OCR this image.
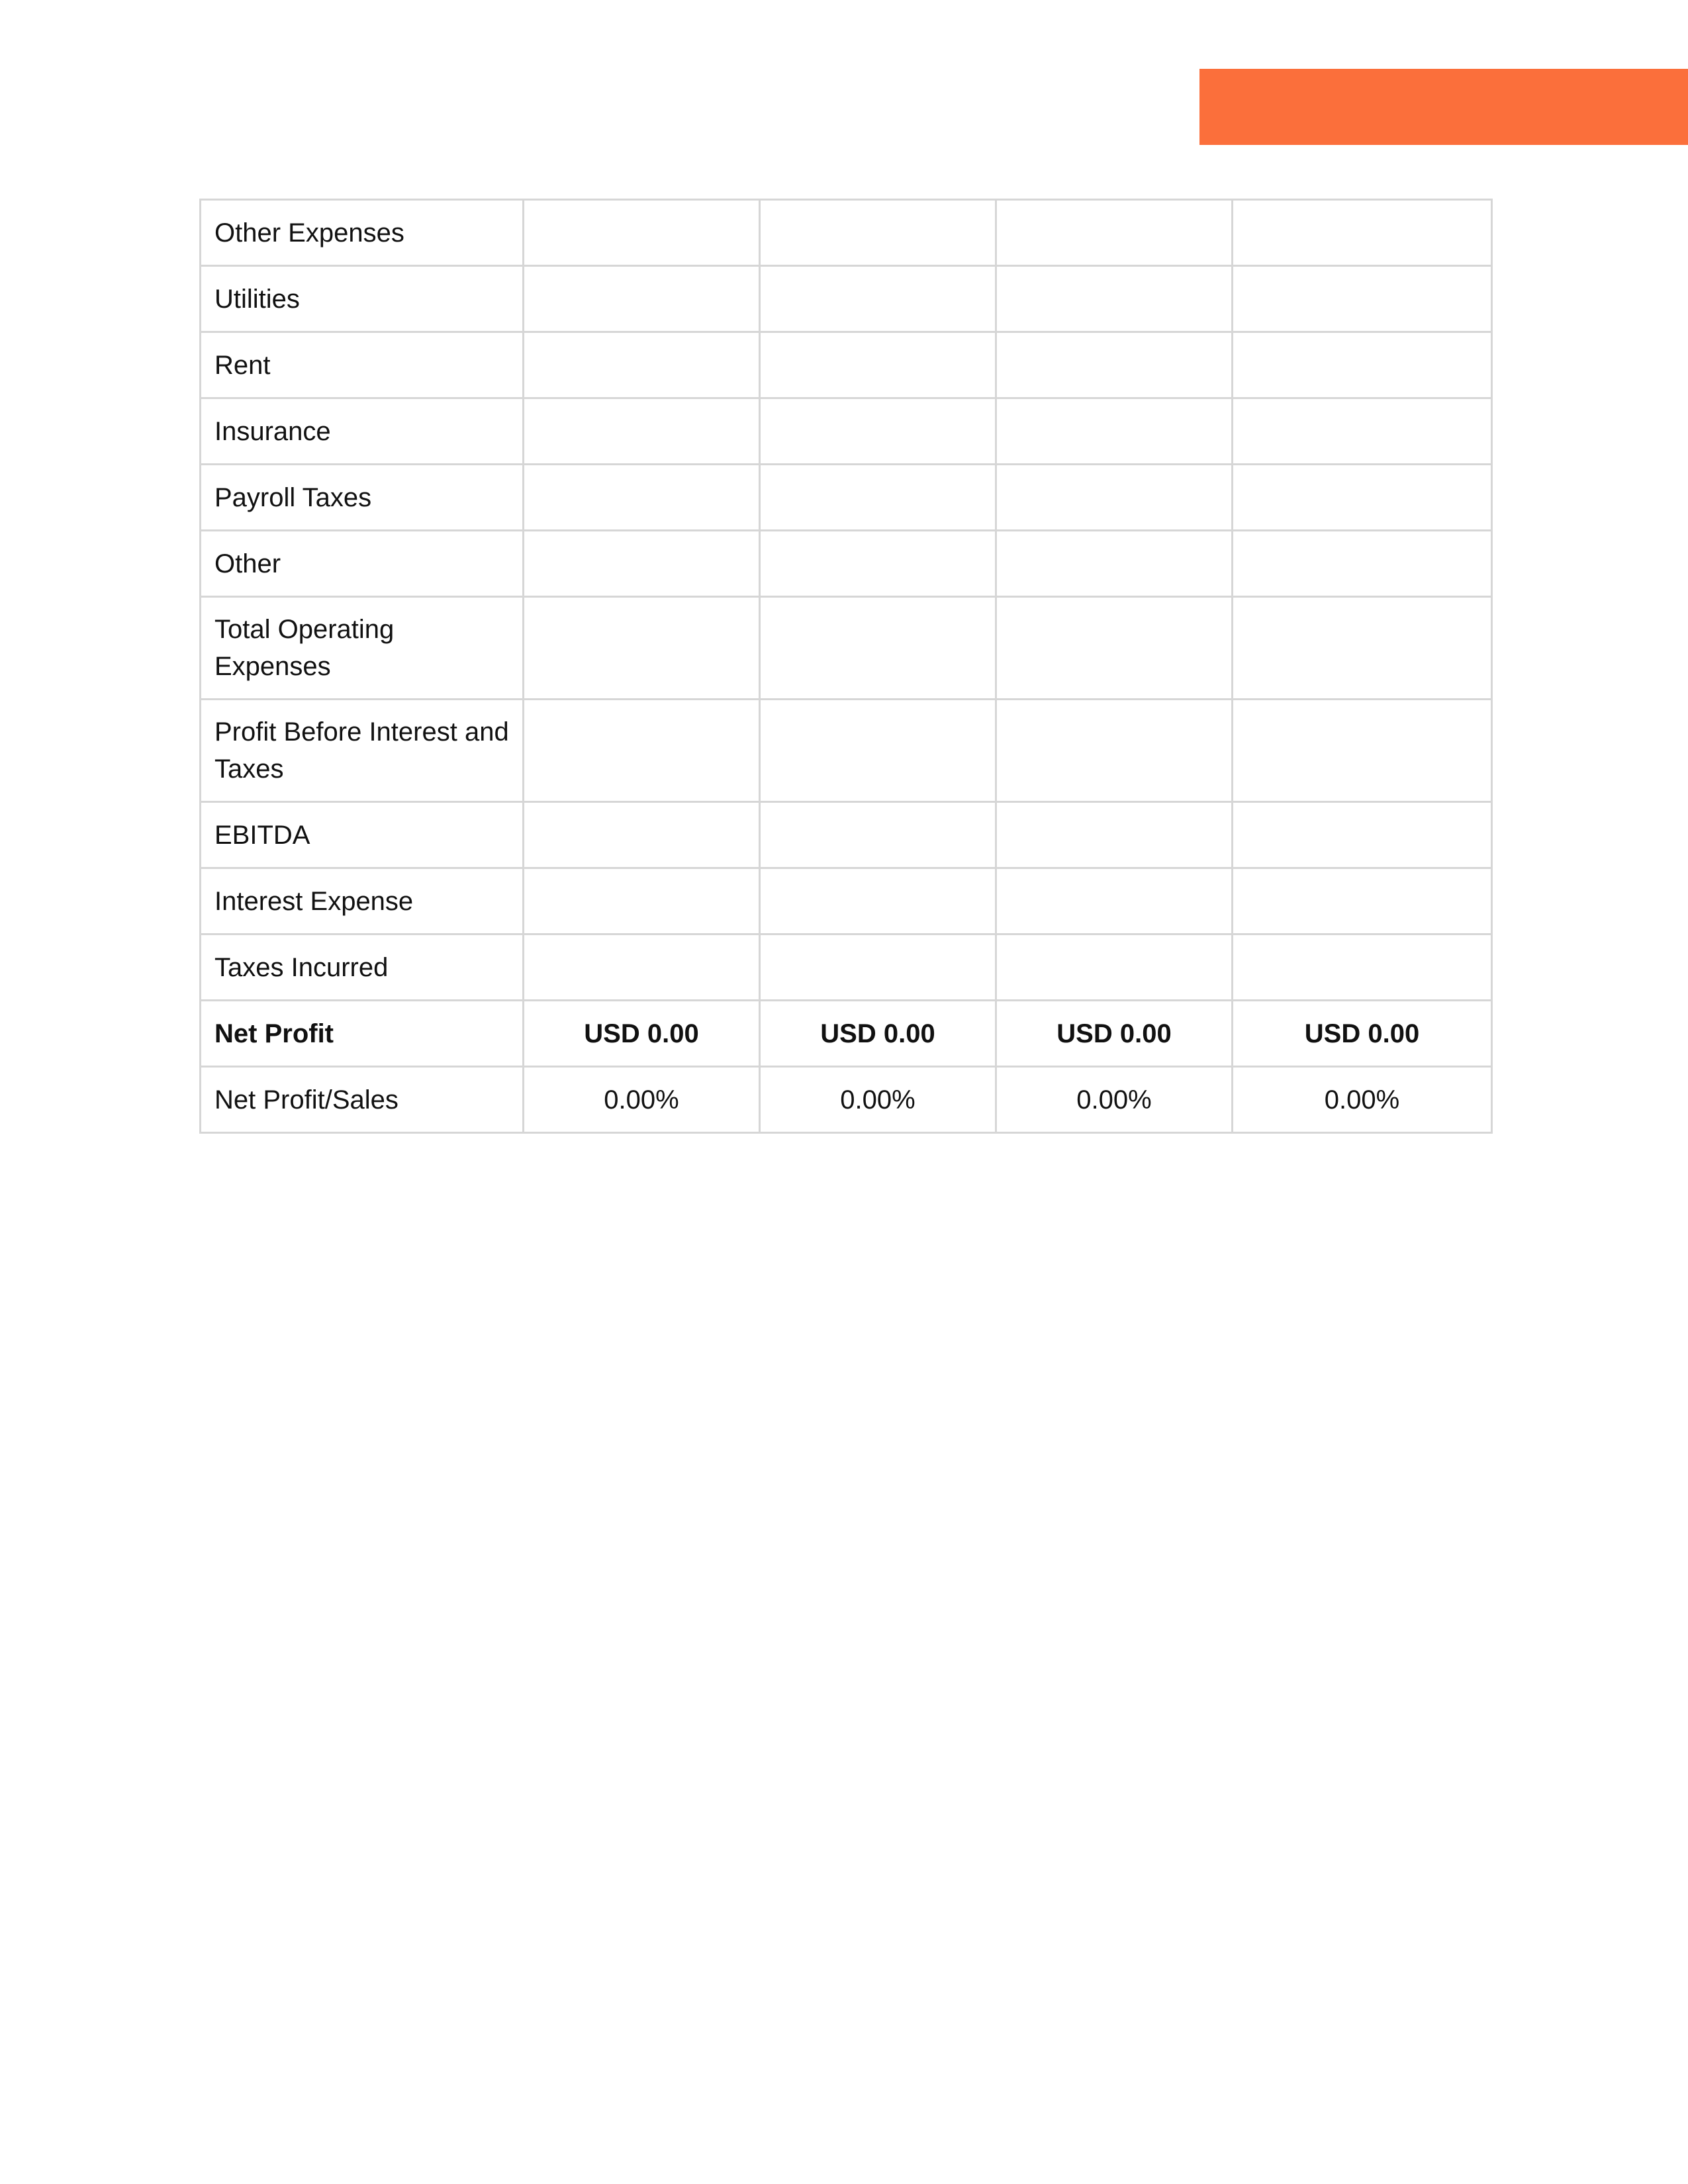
Other Expenses				
Utilities				
Rent				
Insurance				
Payroll Taxes				
Other				
Total Operating Expenses				
Profit Before Interest and Taxes				
EBITDA				
Interest Expense				
Taxes Incurred				
Net Profit	USD 0.00	USD 0.00	USD 0.00	USD 0.00
Net Profit/Sales	0.00%	0.00%	0.00%	0.00%
